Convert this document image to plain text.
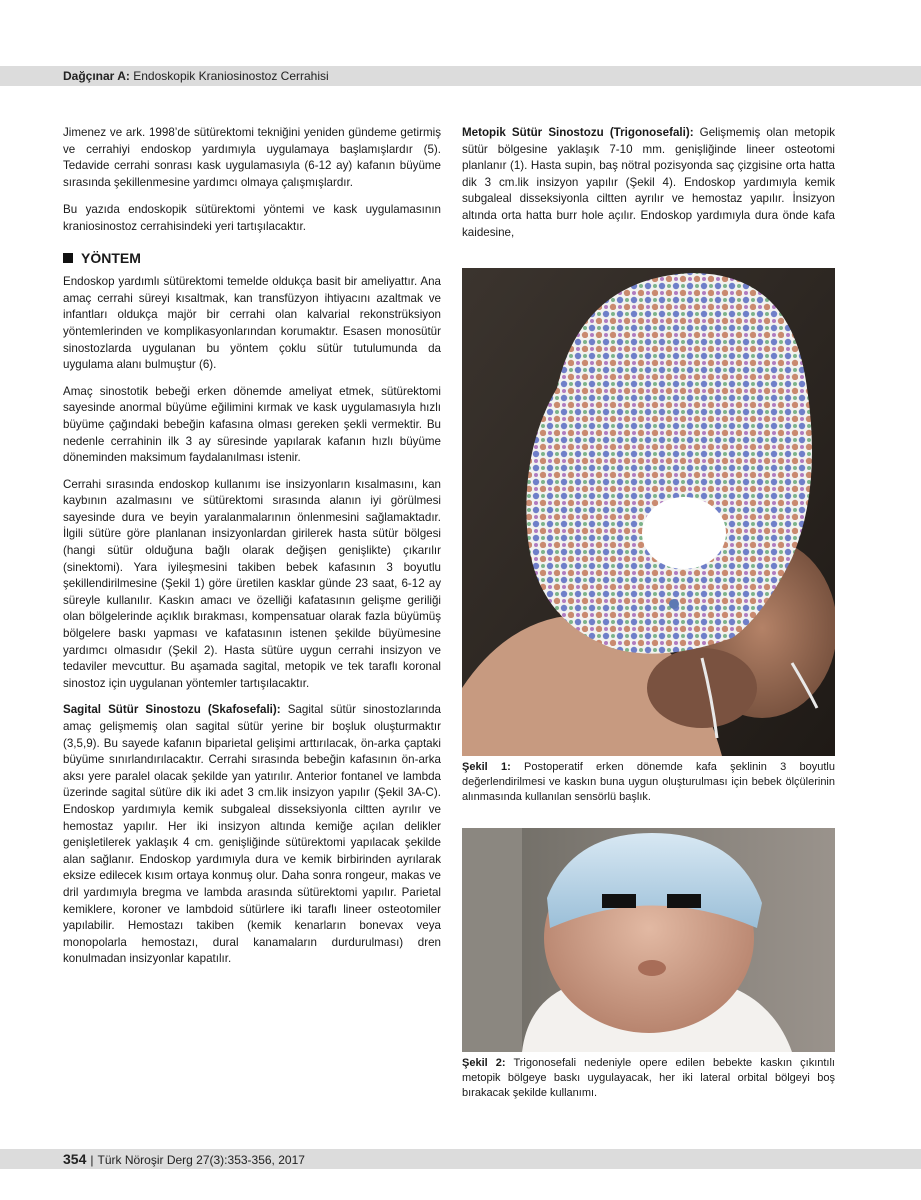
Dağçınar A: Endoskopik Kraniosinostoz Cerrahisi

Jimenez ve ark. 1998’de sütürektomi tekniğini yeniden gündeme getirmiş ve cerrahiyi endoskop yardımıyla uygulamaya başlamışlardır (5). Tedavide cerrahi sonrası kask uygulamasıyla (6-12 ay) kafanın büyüme sırasında şekillenmesine yardımcı olmaya çalışmışlardır.

Bu yazıda endoskopik sütürektomi yöntemi ve kask uygulamasının kraniosinostoz cerrahisindeki yeri tartışılacaktır.

YÖNTEM

Endoskop yardımlı sütürektomi temelde oldukça basit bir ameliyattır. Ana amaç cerrahi süreyi kısaltmak, kan transfüzyon ihtiyacını azaltmak ve infantları oldukça majör bir cerrahi olan kalvarial rekonstrüksiyon yöntemlerinden ve komplikasyonlarından korumaktır. Esasen monosütür sinostozlarda uygulanan bu yöntem çoklu sütür tutulumunda da uygulama alanı bulmuştur (6).

Amaç sinostotik bebeği erken dönemde ameliyat etmek, sütürektomi sayesinde anormal büyüme eğilimini kırmak ve kask uygulamasıyla hızlı büyüme çağındaki bebeğin kafasına olması gereken şekli vermektir. Bu nedenle cerrahinin ilk 3 ay süresinde yapılarak kafanın hızlı büyüme döneminden maksimum faydalanılması istenir.

Cerrahi sırasında endoskop kullanımı ise insizyonların kısalmasını, kan kaybının azalmasını ve sütürektomi sırasında alanın iyi görülmesi sayesinde dura ve beyin yaralanmalarının önlenmesini sağlamaktadır. İlgili sütüre göre planlanan insizyonlardan girilerek hasta sütür bölgesi (hangi sütür olduğuna bağlı olarak değişen genişlikte) çıkarılır (sinektomi). Yara iyileşmesini takiben bebek kafasının 3 boyutlu şekillendirilmesine (Şekil 1) göre üretilen kasklar günde 23 saat, 6-12 ay süreyle kullanılır. Kaskın amacı ve özelliği kafatasının gelişme geriliği olan bölgelerinde açıklık bırakması, kompensatuar olarak fazla büyümüş bölgelere baskı yapması ve kafatasının istenen şekilde büyümesine yardımcı olmasıdır (Şekil 2). Hasta sütüre uygun cerrahi insizyon ve tedaviler mevcuttur. Bu aşamada sagital, metopik ve tek taraflı koronal sinostoz için uygulanan yöntemler tartışılacaktır.

Sagital Sütür Sinostozu (Skafosefali): Sagital sütür sinostozlarında amaç gelişmemiş olan sagital sütür yerine bir boşluk oluşturmaktır (3,5,9). Bu sayede kafanın biparietal gelişimi arttırılacak, ön-arka çaptaki büyüme sınırlandırılacaktır. Cerrahi sırasında bebeğin kafasının ön-arka aksı yere paralel olacak şekilde yan yatırılır. Anterior fontanel ve lambda üzerinde sagital sütüre dik iki adet 3 cm.lik insizyon yapılır (Şekil 3A-C). Endoskop yardımıyla kemik subgaleal disseksiyonla ciltten ayrılır ve hemostaz yapılır. Her iki insizyon altında kemiğe açılan delikler genişletilerek yaklaşık 4 cm. genişliğinde sütürektomi yapılacak şekilde alan sağlanır. Endoskop yardımıyla dura ve kemik birbirinden ayrılarak eksize edilecek kısım ortaya konmuş olur. Daha sonra rongeur, makas ve dril yardımıyla bregma ve lambda arasında sütürektomi yapılır. Parietal kemiklere, koroner ve lambdoid sütürlere iki taraflı lineer osteotomiler yapılabilir. Hemostazı takiben (kemik kenarların bonevax veya monopolarla hemostazı, dural kanamaların durdurulması) dren konulmadan insizyonlar kapatılır.

Metopik Sütür Sinostozu (Trigonosefali): Gelişmemiş olan metopik sütür bölgesine yaklaşık 7-10 mm. genişliğinde lineer osteotomi planlanır (1). Hasta supin, baş nötral pozisyonda saç çizgisine orta hatta dik 3 cm.lik insizyon yapılır (Şekil 4). Endoskop yardımıyla kemik subgaleal disseksiyonla ciltten ayrılır ve hemostaz yapılır. İnsizyon altında orta hatta burr hole açılır. Endoskop yardımıyla dura önde kafa kaidesine,

Şekil 1: Postoperatif erken dönemde kafa şeklinin 3 boyutlu değerlendirilmesi ve kaskın buna uygun oluşturulması için bebek ölçülerinin alınmasında kullanılan sensörlü başlık.
Şekil 2: Trigonosefali nedeniyle opere edilen bebekte kaskın çıkıntılı metopik bölgeye baskı uygulayacak, her iki lateral orbital bölgeyi boş bırakacak şekilde kullanımı.
354 | Türk Nöroşir Derg 27(3):353-356, 2017
